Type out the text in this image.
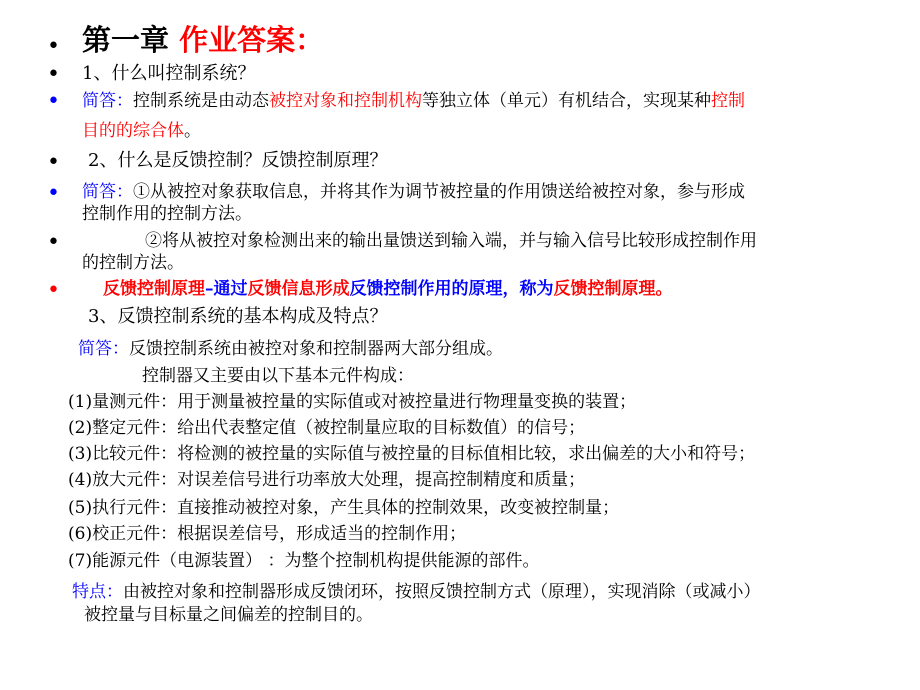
• 第一章 作业答案：
• 1、什么叫控制系统？
• 简答：控制系统是由动态被控对象和控制机构等独立体（单元）有机结合，实现某种控制
目的的综合体。
• 2、什么是反馈控制？反馈控制原理？
• 简答：①从被控对象获取信息，并将其作为调节被控量的作用馈送给被控对象，参与形成
控制作用的控制方法。
•	②将从被控对象检测出来的输出量馈送到输入端，并与输入信号比较形成控制作用
的控制方法。
•	反馈控制原理–通过反馈信息形成反馈控制作用的原理，称为反馈控制原理。
3、反馈控制系统的基本构成及特点？
简答：反馈控制系统由被控对象和控制器两大部分组成。
控制器又主要由以下基本元件构成：
(1)量测元件：用于测量被控量的实际值或对被控量进行物理量变换的装置；
(2)整定元件：给出代表整定值（被控制量应取的目标数值）的信号；
(3)比较元件：将检测的被控量的实际值与被控量的目标值相比较，求出偏差的大小和符号；
(4)放大元件：对误差信号进行功率放大处理，提高控制精度和质量；
(5)执行元件：直接推动被控对象，产生具体的控制效果，改变被控制量；
(6)校正元件：根据误差信号，形成适当的控制作用；
(7)能源元件（电源装置） ：为整个控制机构提供能源的部件。
特点：由被控对象和控制器形成反馈闭环，按照反馈控制方式（原理），实现消除（或减小）
被控量与目标量之间偏差的控制目的。
